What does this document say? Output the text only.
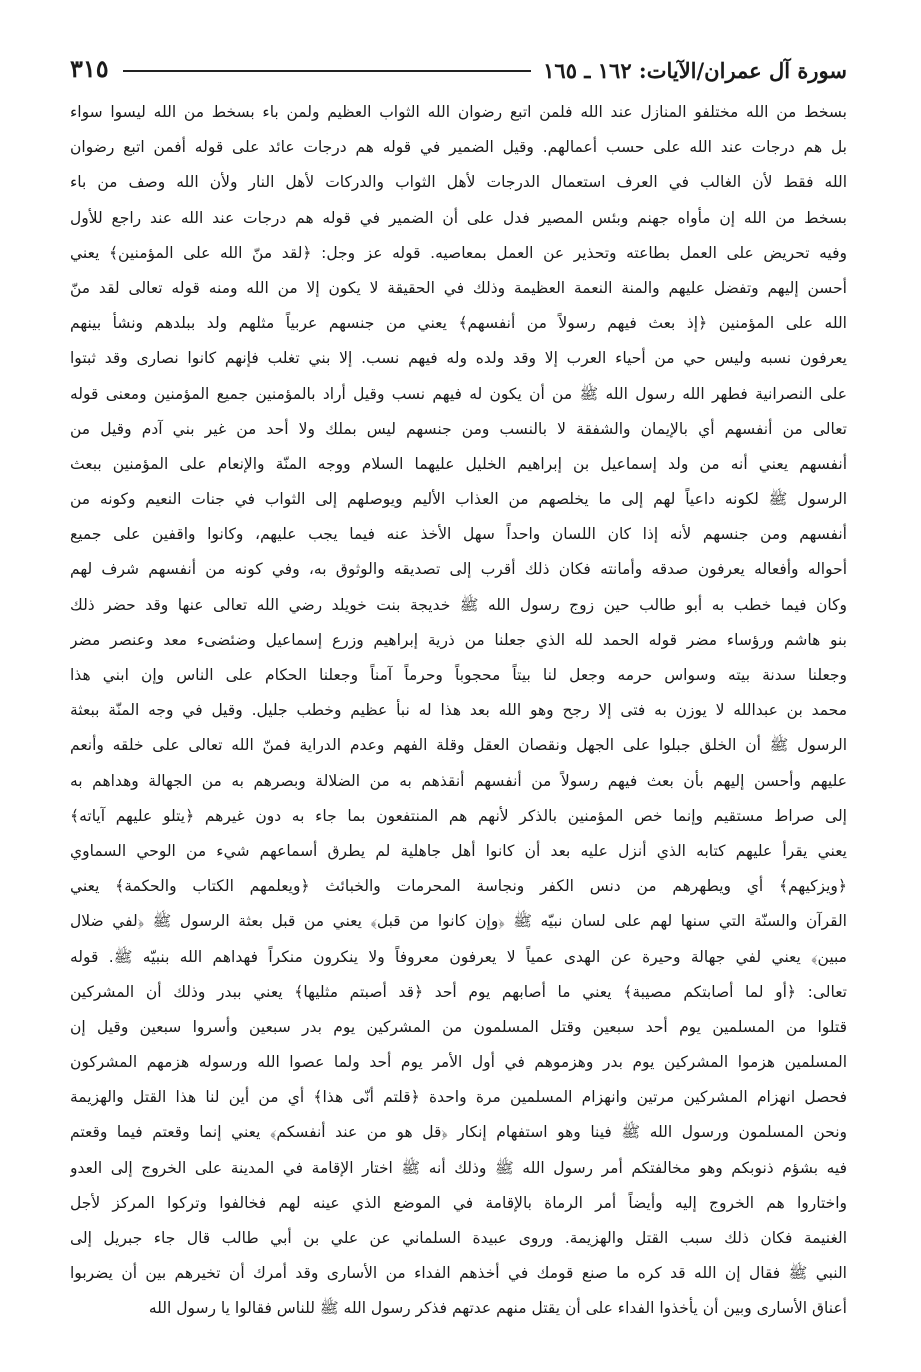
سورة آل عمران/الآيات: ١٦٢ ـ ١٦٥
٣١٥
بسخط من الله مختلفو المنازل عند الله فلمن اتبع رضوان الله الثواب العظيم ولمن باء بسخط من الله ليسوا سواء
بل هم درجات عند الله على حسب أعمالهم. وقيل الضمير في قوله هم درجات عائد على قوله أفمن اتبع رضوان
الله فقط لأن الغالب في العرف استعمال الدرجات لأهل الثواب والدركات لأهل النار ولأن الله وصف من باء
بسخط من الله إن مأواه جهنم وبئس المصير فدل على أن الضمير في قوله هم درجات عند الله عند راجع للأول
وفيه تحريض على العمل بطاعته وتحذير عن العمل بمعاصيه. قوله عز وجل: ﴿لقد منّ الله على المؤمنين﴾ يعني
أحسن إليهم وتفضل عليهم والمنة النعمة العظيمة وذلك في الحقيقة لا يكون إلا من الله ومنه قوله تعالى لقد منّ
الله على المؤمنين ﴿إذ بعث فيهم رسولاً من أنفسهم﴾ يعني من جنسهم عربياً مثلهم ولد ببلدهم ونشأ بينهم
يعرفون نسبه وليس حي من أحياء العرب إلا وقد ولده وله فيهم نسب. إلا بني تغلب فإنهم كانوا نصارى وقد ثبتوا
على النصرانية فطهر الله رسول الله ﷺ من أن يكون له فيهم نسب وقيل أراد بالمؤمنين جميع المؤمنين ومعنى قوله
تعالى من أنفسهم أي بالإيمان والشفقة لا بالنسب ومن جنسهم ليس بملك ولا أحد من غير بني آدم وقيل من
أنفسهم يعني أنه من ولد إسماعيل بن إبراهيم الخليل عليهما السلام ووجه المنّة والإنعام على المؤمنين ببعث
الرسول ﷺ لكونه داعياً لهم إلى ما يخلصهم من العذاب الأليم ويوصلهم إلى الثواب في جنات النعيم وكونه من
أنفسهم ومن جنسهم لأنه إذا كان اللسان واحداً سهل الأخذ عنه فيما يجب عليهم، وكانوا واقفين على جميع
أحواله وأفعاله يعرفون صدقه وأمانته فكان ذلك أقرب إلى تصديقه والوثوق به، وفي كونه من أنفسهم شرف لهم
وكان فيما خطب به أبو طالب حين زوج رسول الله ﷺ خديجة بنت خويلد رضي الله تعالى عنها وقد حضر ذلك
بنو هاشم ورؤساء مضر قوله الحمد لله الذي جعلنا من ذرية إبراهيم وزرع إسماعيل وضئضىء معد وعنصر مضر
وجعلنا سدنة بيته وسواس حرمه وجعل لنا بيتاً محجوباً وحرماً آمناً وجعلنا الحكام على الناس وإن ابني هذا
محمد بن عبدالله لا يوزن به فتى إلا رجح وهو الله بعد هذا له نبأ عظيم وخطب جليل. وقيل في وجه المنّة ببعثة
الرسول ﷺ أن الخلق جبلوا على الجهل ونقصان العقل وقلة الفهم وعدم الدراية فمنّ الله تعالى على خلقه وأنعم
عليهم وأحسن إليهم بأن بعث فيهم رسولاً من أنفسهم أنقذهم به من الضلالة وبصرهم به من الجهالة وهداهم به
إلى صراط مستقيم وإنما خص المؤمنين بالذكر لأنهم هم المنتفعون بما جاء به دون غيرهم ﴿يتلو عليهم آياته﴾
يعني يقرأ عليهم كتابه الذي أنزل عليه بعد أن كانوا أهل جاهلية لم يطرق أسماعهم شيء من الوحي السماوي
﴿ويزكيهم﴾ أي ويطهرهم من دنس الكفر ونجاسة المحرمات والخبائث ﴿ويعلمهم الكتاب والحكمة﴾ يعني
القرآن والسنّة التي سنها لهم على لسان نبيّه ﷺ ﴿وإن كانوا من قبل﴾ يعني من قبل بعثة الرسول ﷺ ﴿لفي ضلال
مبين﴾ يعني لفي جهالة وحيرة عن الهدى عمياً لا يعرفون معروفاً ولا ينكرون منكراً فهداهم الله بنبيّه ﷺ. قوله
تعالى: ﴿أو لما أصابتكم مصيبة﴾ يعني ما أصابهم يوم أحد ﴿قد أصبتم مثليها﴾ يعني ببدر وذلك أن المشركين
قتلوا من المسلمين يوم أحد سبعين وقتل المسلمون من المشركين يوم بدر سبعين وأسروا سبعين وقيل إن
المسلمين هزموا المشركين يوم بدر وهزموهم في أول الأمر يوم أحد ولما عصوا الله ورسوله هزمهم المشركون
فحصل انهزام المشركين مرتين وانهزام المسلمين مرة واحدة ﴿قلتم أنّى هذا﴾ أي من أين لنا هذا القتل والهزيمة
ونحن المسلمون ورسول الله ﷺ فينا وهو استفهام إنكار ﴿قل هو من عند أنفسكم﴾ يعني إنما وقعتم فيما وقعتم
فيه بشؤم ذنوبكم وهو مخالفتكم أمر رسول الله ﷺ وذلك أنه ﷺ اختار الإقامة في المدينة على الخروج إلى العدو
واختاروا هم الخروج إليه وأيضاً أمر الرماة بالإقامة في الموضع الذي عينه لهم فخالفوا وتركوا المركز لأجل
الغنيمة فكان ذلك سبب القتل والهزيمة. وروى عبيدة السلماني عن علي بن أبي طالب قال جاء جبريل إلى
النبي ﷺ فقال إن الله قد كره ما صنع قومك في أخذهم الفداء من الأسارى وقد أمرك أن تخيرهم بين أن يضربوا
أعناق الأسارى وبين أن يأخذوا الفداء على أن يقتل منهم عدتهم فذكر رسول الله ﷺ للناس فقالوا يا رسول الله
